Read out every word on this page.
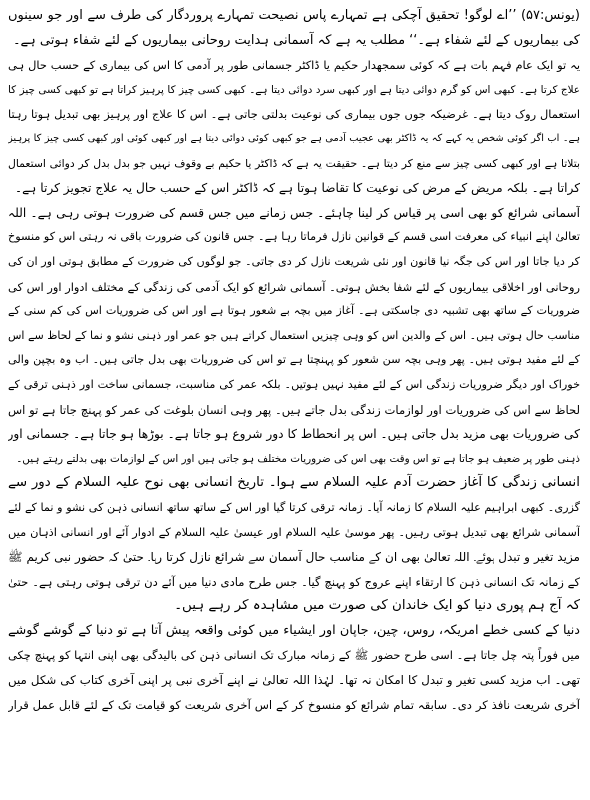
(یونس:۵۷) ’’اے لوگو! تحقیق آچکی ہے تمہارے پاس نصیحت تمہارے پروردگار کی طرف سے اور جو سینوں
کی بیماریوں کے لئے شفاء ہے۔‘‘ مطلب یہ ہے کہ آسمانی ہدایت روحانی بیماریوں کے لئے شفاء ہوتی ہے۔
یہ تو ایک عام فہم بات ہے کہ کوئی سمجھدار حکیم یا ڈاکٹر جسمانی طور پر آدمی کا اس کی بیماری کے حسب حال ہی
علاج کرتا ہے۔ کبھی اس کو گرم دوائی دیتا ہے اور کبھی سرد دوائی دیتا ہے۔ کبھی کسی چیز کا پرہیز کراتا ہے تو کبھی کسی چیز کا
استعمال روک دیتا ہے۔ غرضیکہ جوں جوں بیماری کی نوعیت بدلتی جاتی ہے۔ اس کا علاج اور پرہیز بھی تبدیل ہوتا رہتا
ہے۔ اب اگر کوئی شخص یہ کہے کہ یہ ڈاکٹر بھی عجیب آدمی ہے جو کبھی کوئی دوائی دیتا ہے اور کبھی کوئی اور کبھی کسی چیز کا پرہیز
بتلاتا ہے اور کبھی کسی چیز سے منع کر دیتا ہے۔ حقیقت یہ ہے کہ ڈاکٹر یا حکیم بے وقوف نہیں جو بدل بدل کر دوائی استعمال
کراتا ہے۔ بلکہ مریض کے مرض کی نوعیت کا تقاضا ہوتا ہے کہ ڈاکٹر اس کے حسب حال یہ علاج تجویز کرتا ہے۔
آسمانی شرائع کو بھی اسی پر قیاس کر لینا چاہئے۔ جس زمانے میں جس قسم کی ضرورت ہوتی رہی ہے۔ اللہ
تعالیٰ اپنے انبیاء کی معرفت اسی قسم کے قوانین نازل فرماتا رہا ہے۔ جس قانون کی ضرورت باقی نہ رہتی اس کو منسوخ
کر دیا جاتا اور اس کی جگہ نیا قانون اور نئی شریعت نازل کر دی جاتی۔ جو لوگوں کی ضرورت کے مطابق ہوتی اور ان کی
روحانی اور اخلاقی بیماریوں کے لئے شفا بخش ہوتی۔ آسمانی شرائع کو ایک آدمی کی زندگی کے مختلف ادوار اور اس کی
ضروریات کے ساتھ بھی تشبیہ دی جاسکتی ہے۔ آغاز میں بچہ بے شعور ہوتا ہے اور اس کی ضروریات اس کی کم سنی کے
مناسب حال ہوتی ہیں۔ اس کے والدین اس کو وہی چیزیں استعمال کراتے ہیں جو عمر اور ذہنی نشو و نما کے لحاظ سے اس
کے لئے مفید ہوتی ہیں۔ پھر وہی بچہ سن شعور کو پہنچتا ہے تو اس کی ضروریات بھی بدل جاتی ہیں۔ اب وہ بچپن والی
خوراک اور دیگر ضروریات زندگی اس کے لئے مفید نہیں ہوتیں۔ بلکہ عمر کی مناسبت، جسمانی ساخت اور ذہنی ترقی کے
لحاظ سے اس کی ضروریات اور لوازمات زندگی بدل جاتے ہیں۔ پھر وہی انسان بلوغت کی عمر کو پہنچ جاتا ہے تو اس
کی ضروریات بھی مزید بدل جاتی ہیں۔ اس پر انحطاط کا دور شروع ہو جاتا ہے۔ بوڑھا ہو جاتا ہے۔ جسمانی اور
ذہنی طور پر ضعیف ہو جاتا ہے تو اس وقت بھی اس کی ضروریات مختلف ہو جاتی ہیں اور اس کے لوازمات بھی بدلتے رہتے ہیں۔
انسانی زندگی کا آغاز حضرت آدم علیہ السلام سے ہوا۔ تاریخ انسانی بھی نوح علیہ السلام کے دور سے
گزری۔ کبھی ابراہیم علیہ السلام کا زمانہ آیا۔ زمانہ ترقی کرتا گیا اور اس کے ساتھ ساتھ انسانی ذہن کی نشو و نما کے لئے
آسمانی شرائع بھی تبدیل ہوتی رہیں۔ پھر موسیٰ علیہ السلام اور عیسیٰ علیہ السلام کے ادوار آئے اور انسانی اذہان میں
مزید تغیر و تبدل ہوئے۔ اللہ تعالیٰ بھی ان کے مناسب حال آسمان سے شرائع نازل کرتا رہا۔ حتیٰ کہ حضور نبی کریم ﷺ
کے زمانہ تک انسانی ذہن کا ارتقاء اپنے عروج کو پہنچ گیا۔ جس طرح مادی دنیا میں آئے دن ترقی ہوتی رہتی ہے۔ حتیٰ
کہ آج ہم پوری دنیا کو ایک خاندان کی صورت میں مشاہدہ کر رہے ہیں۔
دنیا کے کسی خطے امریکہ، روس، چین، جاپان اور ایشیاء میں کوئی واقعہ پیش آتا ہے تو دنیا کے گوشے گوشے
میں فوراً پتہ چل جاتا ہے۔ اسی طرح حضور ﷺ کے زمانہ مبارک تک انسانی ذہن کی بالیدگی بھی اپنی انتہا کو پہنچ چکی
تھی۔ اب مزید کسی تغیر و تبدل کا امکان نہ تھا۔ لہٰذا اللہ تعالیٰ نے اپنے آخری نبی پر اپنی آخری کتاب کی شکل میں
آخری شریعت نافذ کر دی۔ سابقہ تمام شرائع کو منسوخ کر کے اس آخری شریعت کو قیامت تک کے لئے قابل عمل قرار
